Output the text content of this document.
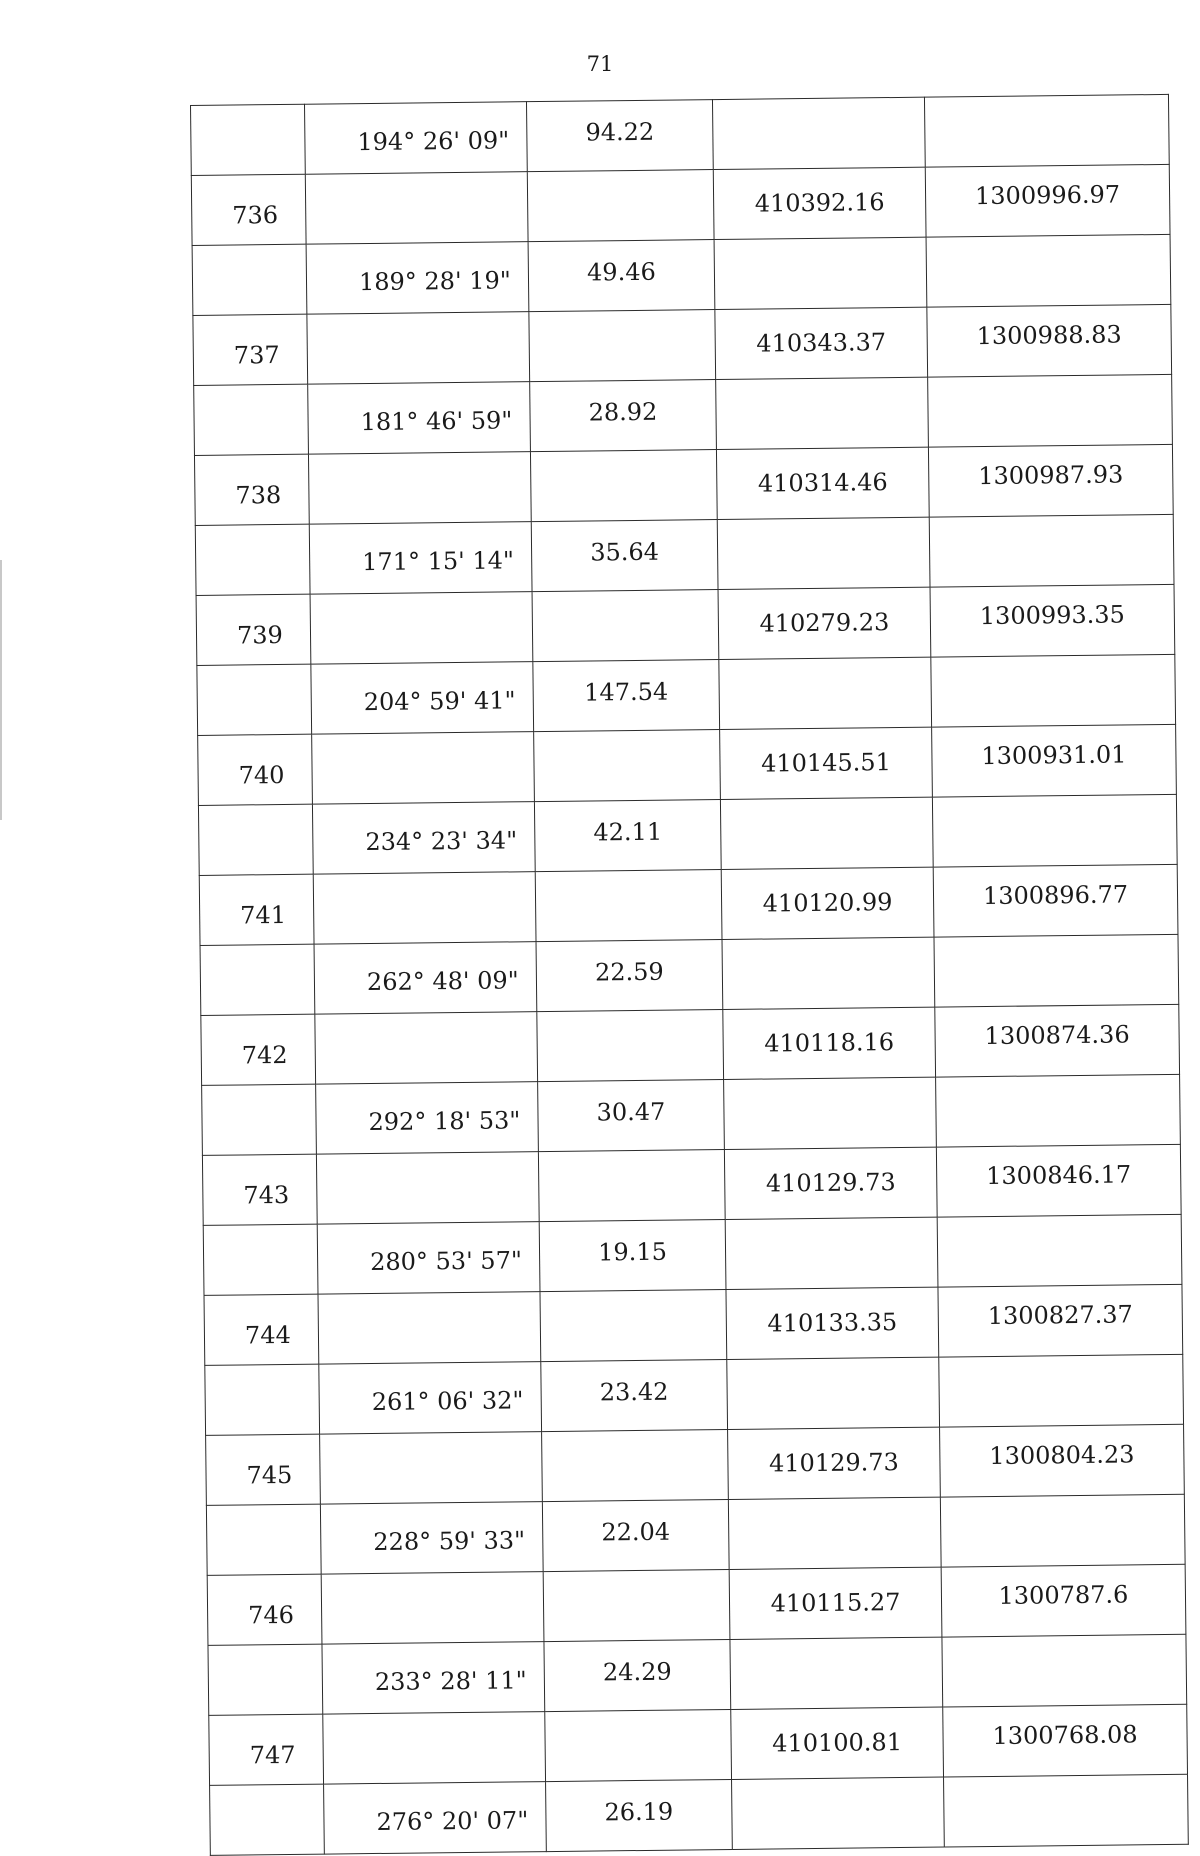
71
	194° 26' 09"	94.22		
736			410392.16	1300996.97
	189° 28' 19"	49.46		
737			410343.37	1300988.83
	181° 46' 59"	28.92		
738			410314.46	1300987.93
	171° 15' 14"	35.64		
739			410279.23	1300993.35
	204° 59' 41"	147.54		
740			410145.51	1300931.01
	234° 23' 34"	42.11		
741			410120.99	1300896.77
	262° 48' 09"	22.59		
742			410118.16	1300874.36
	292° 18' 53"	30.47		
743			410129.73	1300846.17
	280° 53' 57"	19.15		
744			410133.35	1300827.37
	261° 06' 32"	23.42		
745			410129.73	1300804.23
	228° 59' 33"	22.04		
746			410115.27	1300787.6
	233° 28' 11"	24.29		
747			410100.81	1300768.08
	276° 20' 07"	26.19		
